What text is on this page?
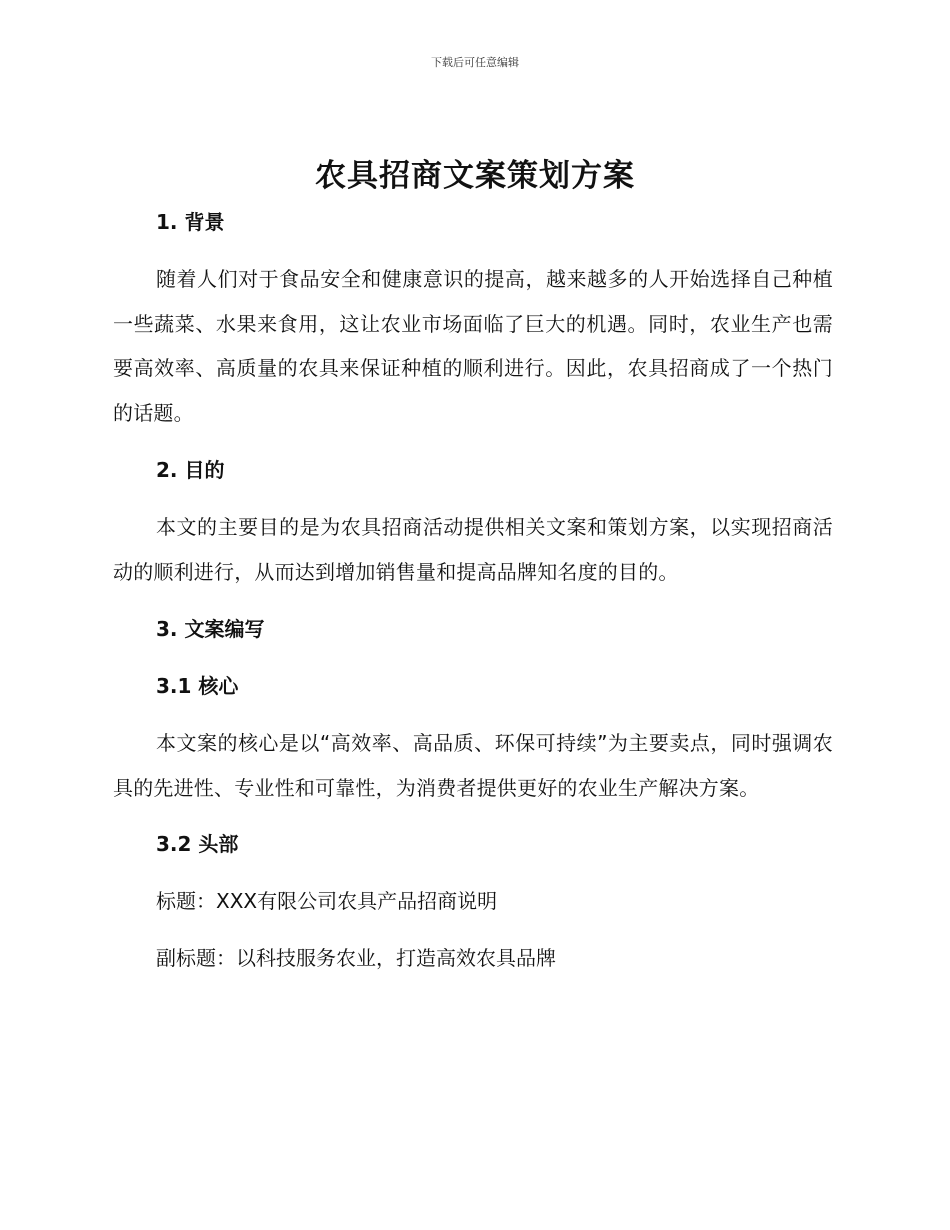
下载后可任意编辑
农具招商文案策划方案

1. 背景

随着人们对于食品安全和健康意识的提高，越来越多的人开始选择自己种植一些蔬菜、水果来食用，这让农业市场面临了巨大的机遇。同时，农业生产也需要高效率、高质量的农具来保证种植的顺利进行。因此，农具招商成了一个热门的话题。

2. 目的

本文的主要目的是为农具招商活动提供相关文案和策划方案，以实现招商活动的顺利进行，从而达到增加销售量和提高品牌知名度的目的。

3. 文案编写

3.1 核心

本文案的核心是以“高效率、高品质、环保可持续”为主要卖点，同时强调农具的先进性、专业性和可靠性，为消费者提供更好的农业生产解决方案。

3.2 头部

标题：XXX有限公司农具产品招商说明

副标题：以科技服务农业，打造高效农具品牌
